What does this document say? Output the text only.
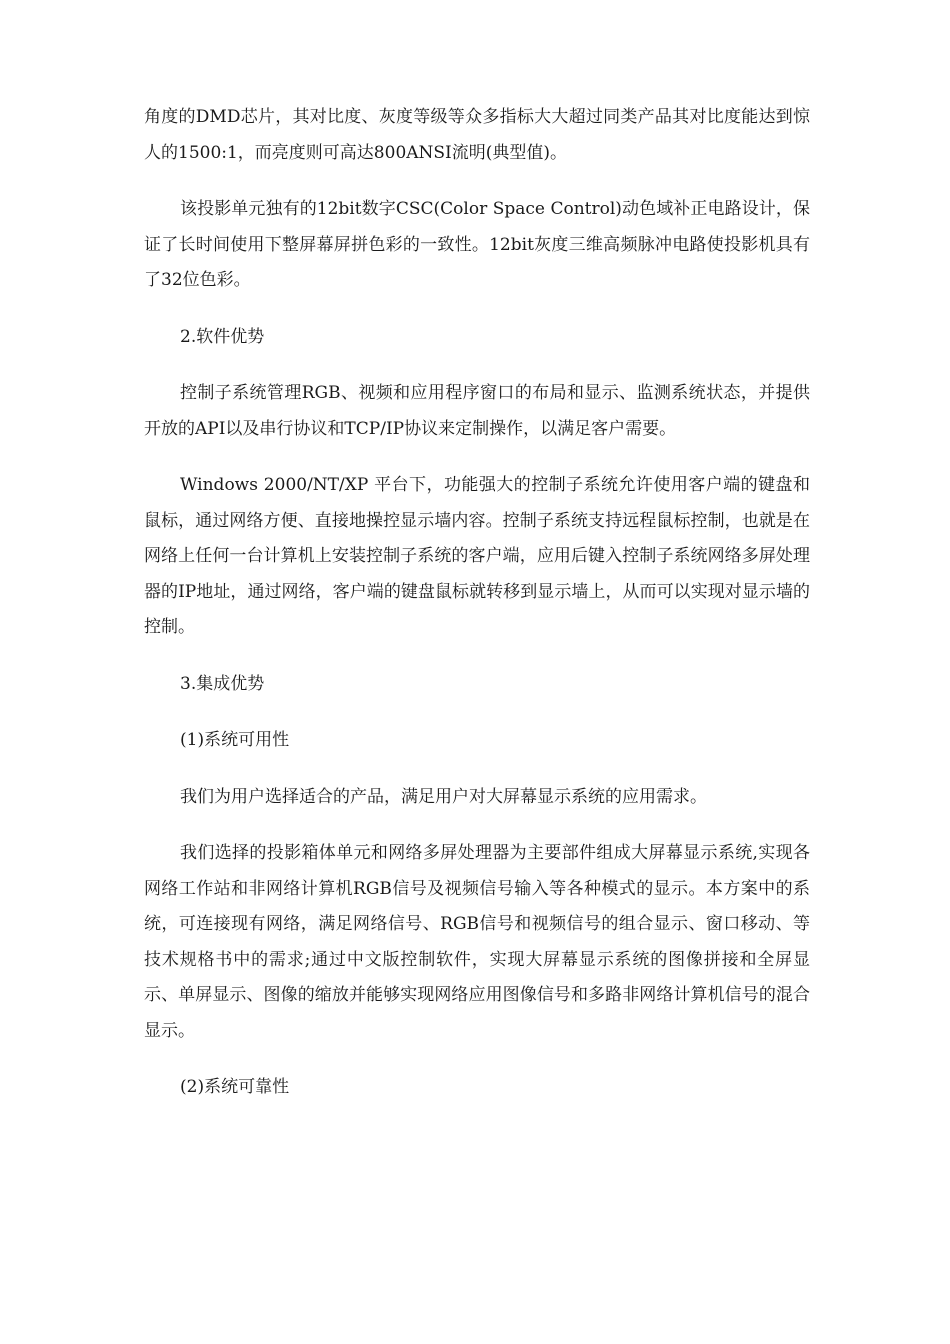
角度的DMD芯片，其对比度、灰度等级等众多指标大大超过同类产品其对比度能达到惊人的1500:1，而亮度则可高达800ANSI流明(典型值)。

该投影单元独有的12bit数字CSC(Color Space Control)动色域补正电路设计，保证了长时间使用下整屏幕屏拼色彩的一致性。12bit灰度三维高频脉冲电路使投影机具有了32位色彩。

2.软件优势

控制子系统管理RGB、视频和应用程序窗口的布局和显示、监测系统状态，并提供开放的API以及串行协议和TCP/IP协议来定制操作，以满足客户需要。

Windows 2000/NT/XP 平台下，功能强大的控制子系统允许使用客户端的键盘和鼠标，通过网络方便、直接地操控显示墙内容。控制子系统支持远程鼠标控制，也就是在网络上任何一台计算机上安装控制子系统的客户端，应用后键入控制子系统网络多屏处理器的IP地址，通过网络，客户端的键盘鼠标就转移到显示墙上，从而可以实现对显示墙的控制。

3.集成优势

(1)系统可用性

我们为用户选择适合的产品，满足用户对大屏幕显示系统的应用需求。

我们选择的投影箱体单元和网络多屏处理器为主要部件组成大屏幕显示系统,实现各网络工作站和非网络计算机RGB信号及视频信号输入等各种模式的显示。本方案中的系统，可连接现有网络，满足网络信号、RGB信号和视频信号的组合显示、窗口移动、等技术规格书中的需求;通过中文版控制软件，实现大屏幕显示系统的图像拼接和全屏显示、单屏显示、图像的缩放并能够实现网络应用图像信号和多路非网络计算机信号的混合显示。

(2)系统可靠性
